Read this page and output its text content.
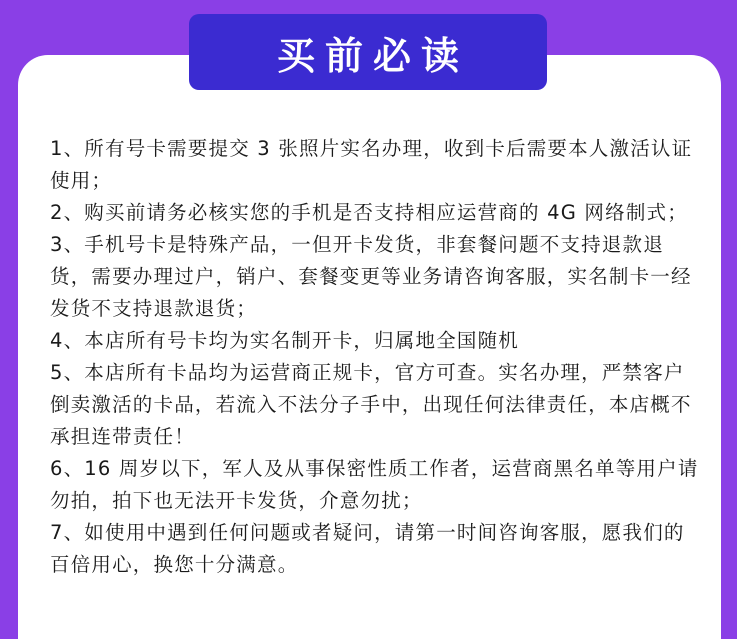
买前必读

1、所有号卡需要提交 3 张照片实名办理，收到卡后需要本人激活认证使用；

2、购买前请务必核实您的手机是否支持相应运营商的 4G 网络制式；

3、手机号卡是特殊产品，一但开卡发货，非套餐问题不支持退款退货，需要办理过户，销户、套餐变更等业务请咨询客服，实名制卡一经发货不支持退款退货；

4、本店所有号卡均为实名制开卡，归属地全国随机

5、本店所有卡品均为运营商正规卡，官方可查。实名办理，严禁客户倒卖激活的卡品，若流入不法分子手中，出现任何法律责任，本店概不承担连带责任！

6、16 周岁以下，军人及从事保密性质工作者，运营商黑名单等用户请勿拍，拍下也无法开卡发货，介意勿扰；

7、如使用中遇到任何问题或者疑问，请第一时间咨询客服，愿我们的百倍用心，换您十分满意。
